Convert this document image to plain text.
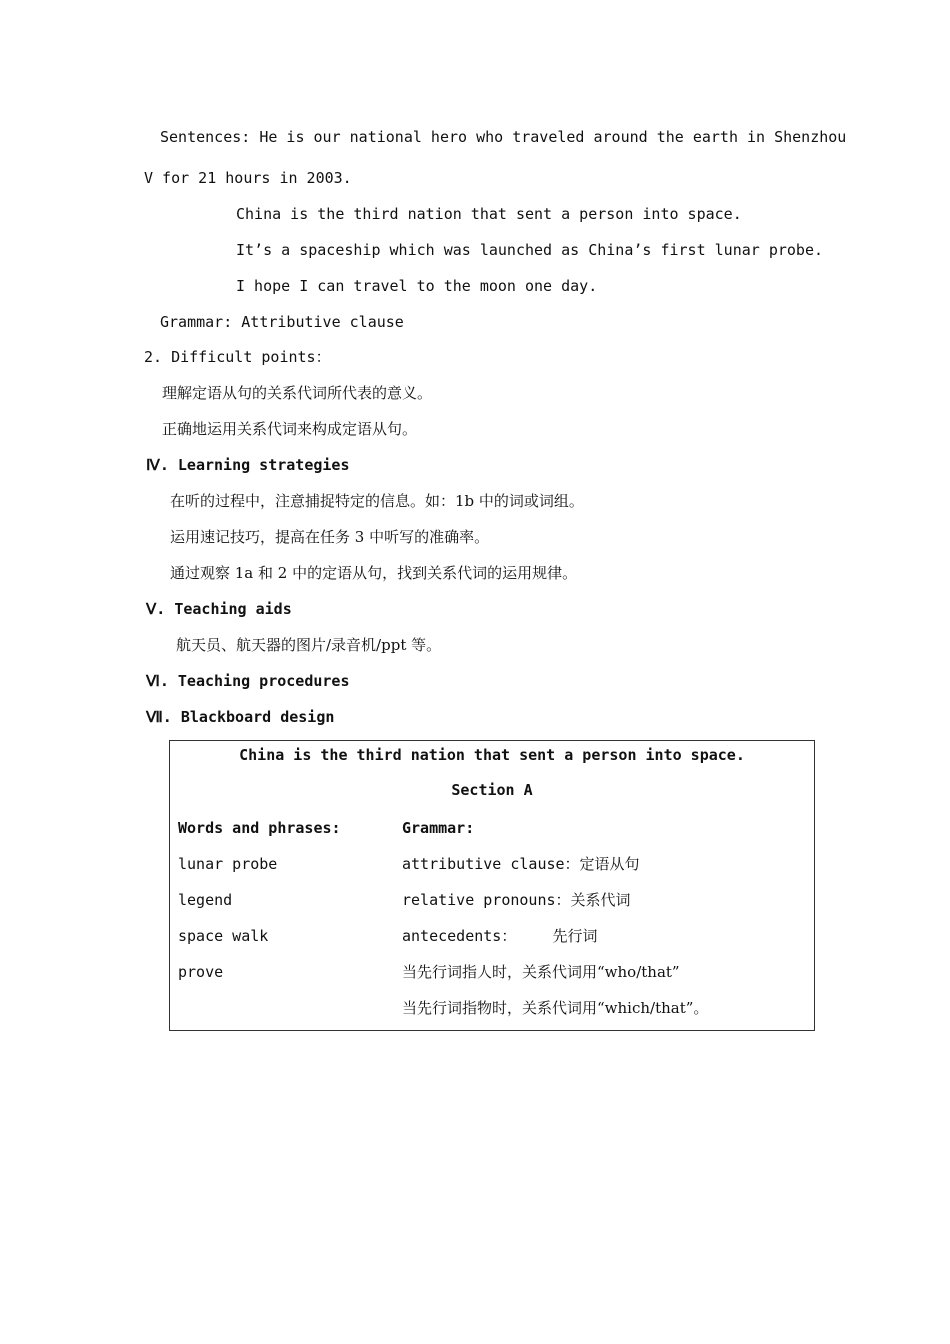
Sentences: He is our national hero who traveled around the earth in Shenzhou
V for 21 hours in 2003.
China is the third nation that sent a person into space.
It’s a spaceship which was launched as China’s first lunar probe.
I hope I can travel to the moon one day.
Grammar: Attributive clause
2. Difficult points：
理解定语从句的关系代词所代表的意义。
正确地运用关系代词来构成定语从句。
Ⅳ. Learning strategies
在听的过程中，注意捕捉特定的信息。如：1b 中的词或词组。
运用速记技巧，提高在任务 3 中听写的准确率。
通过观察 1a 和 2 中的定语从句，找到关系代词的运用规律。
Ⅴ. Teaching aids
航天员、航天器的图片/录音机/ppt 等。
Ⅵ. Teaching procedures
Ⅶ. Blackboard design
China is the third nation that sent a person into space.
Section A
Words and phrases:	Grammar:
lunar probe
legend
space walk
prove
attributive clause：定语从句
relative pronouns：关系代词
antecedents：    先行词
当先行词指人时，关系代词用“who/that”
当先行词指物时，关系代词用“which/that”。
